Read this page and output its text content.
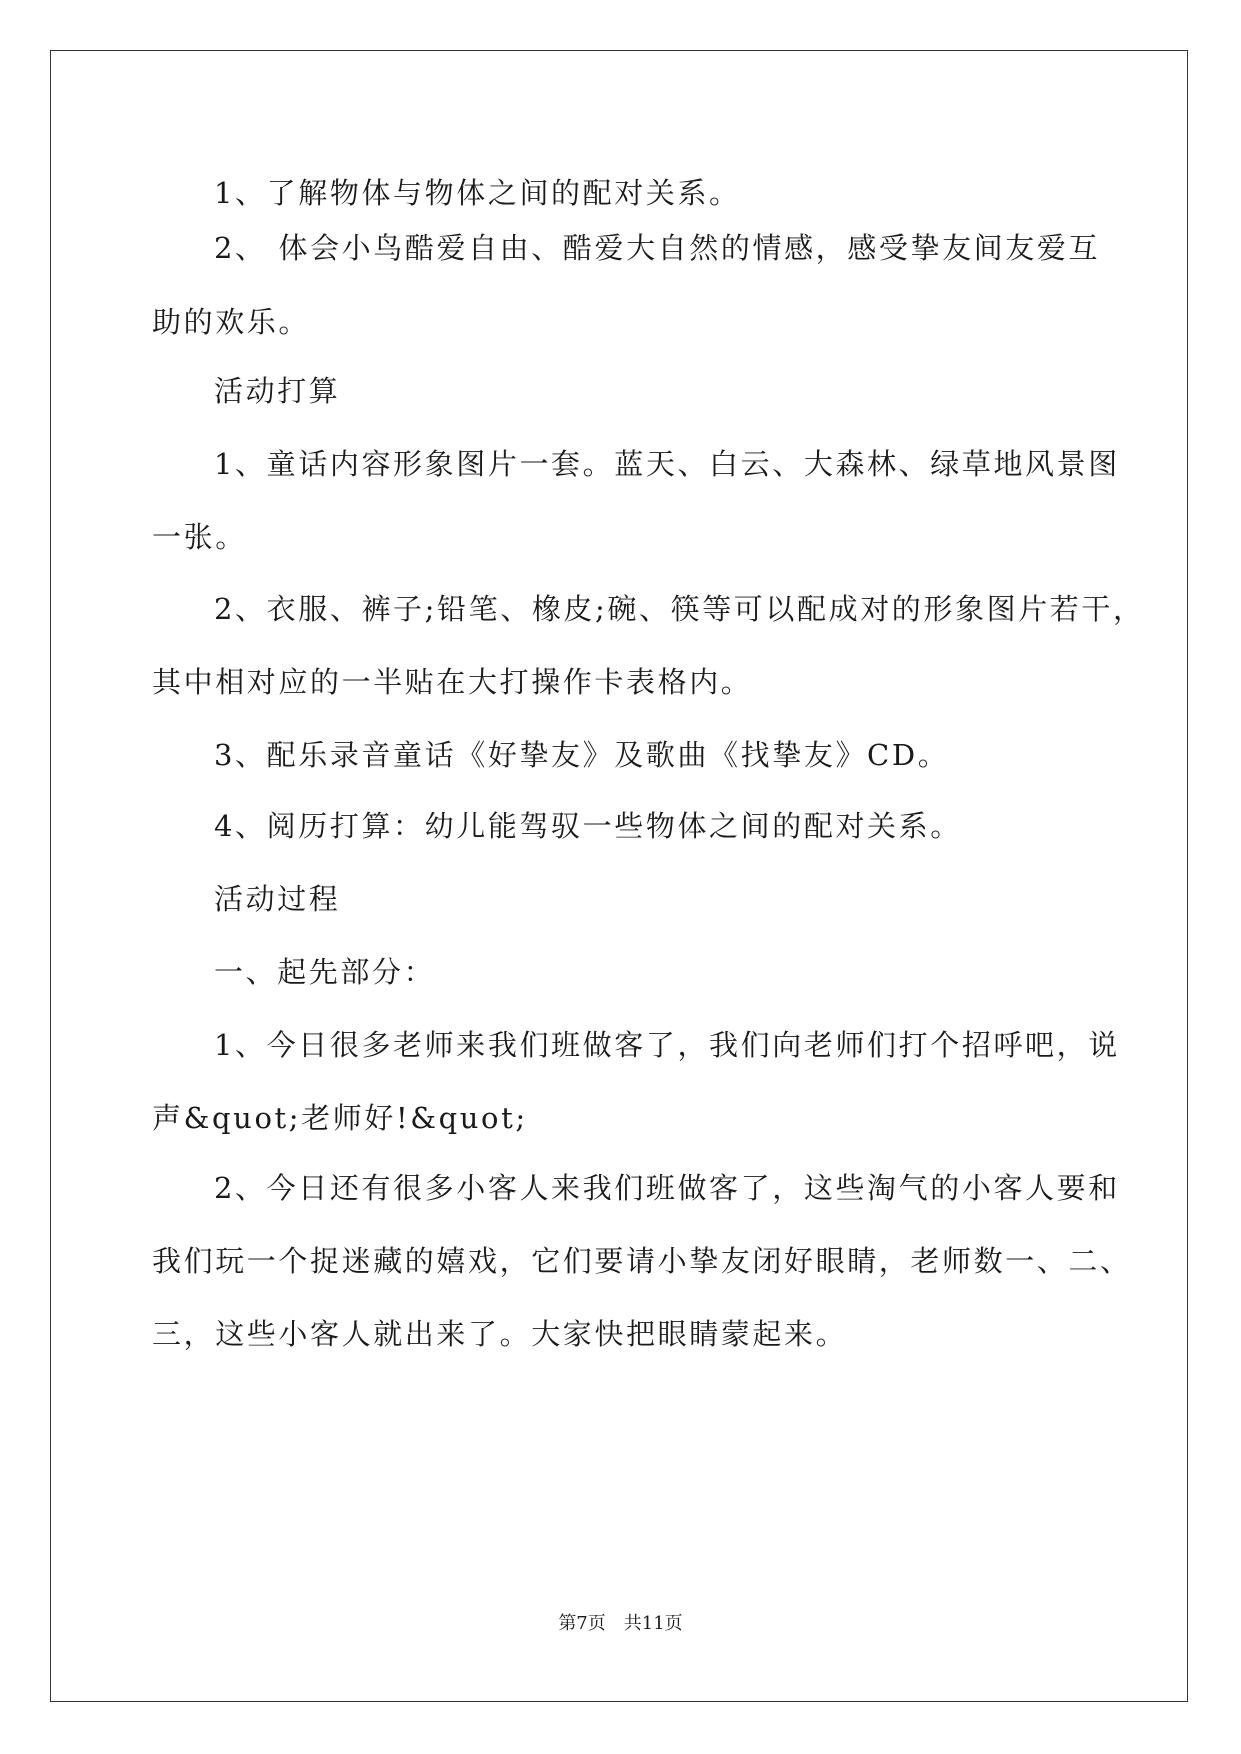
1、了解物体与物体之间的配对关系。
2、 体会小鸟酷爱自由、酷爱大自然的情感，感受挚友间友爱互
助的欢乐。
活动打算
1、童话内容形象图片一套。蓝天、白云、大森林、绿草地风景图
一张。
2、衣服、裤子;铅笔、橡皮;碗、筷等可以配成对的形象图片若干，
其中相对应的一半贴在大打操作卡表格内。
3、配乐录音童话《好挚友》及歌曲《找挚友》CD。
4、阅历打算：幼儿能驾驭一些物体之间的配对关系。
活动过程
一、起先部分：
1、今日很多老师来我们班做客了，我们向老师们打个招呼吧，说
声&quot;老师好!&quot;
2、今日还有很多小客人来我们班做客了，这些淘气的小客人要和
我们玩一个捉迷藏的嬉戏，它们要请小挚友闭好眼睛，老师数一、二、
三，这些小客人就出来了。大家快把眼睛蒙起来。
第7页　共11页
